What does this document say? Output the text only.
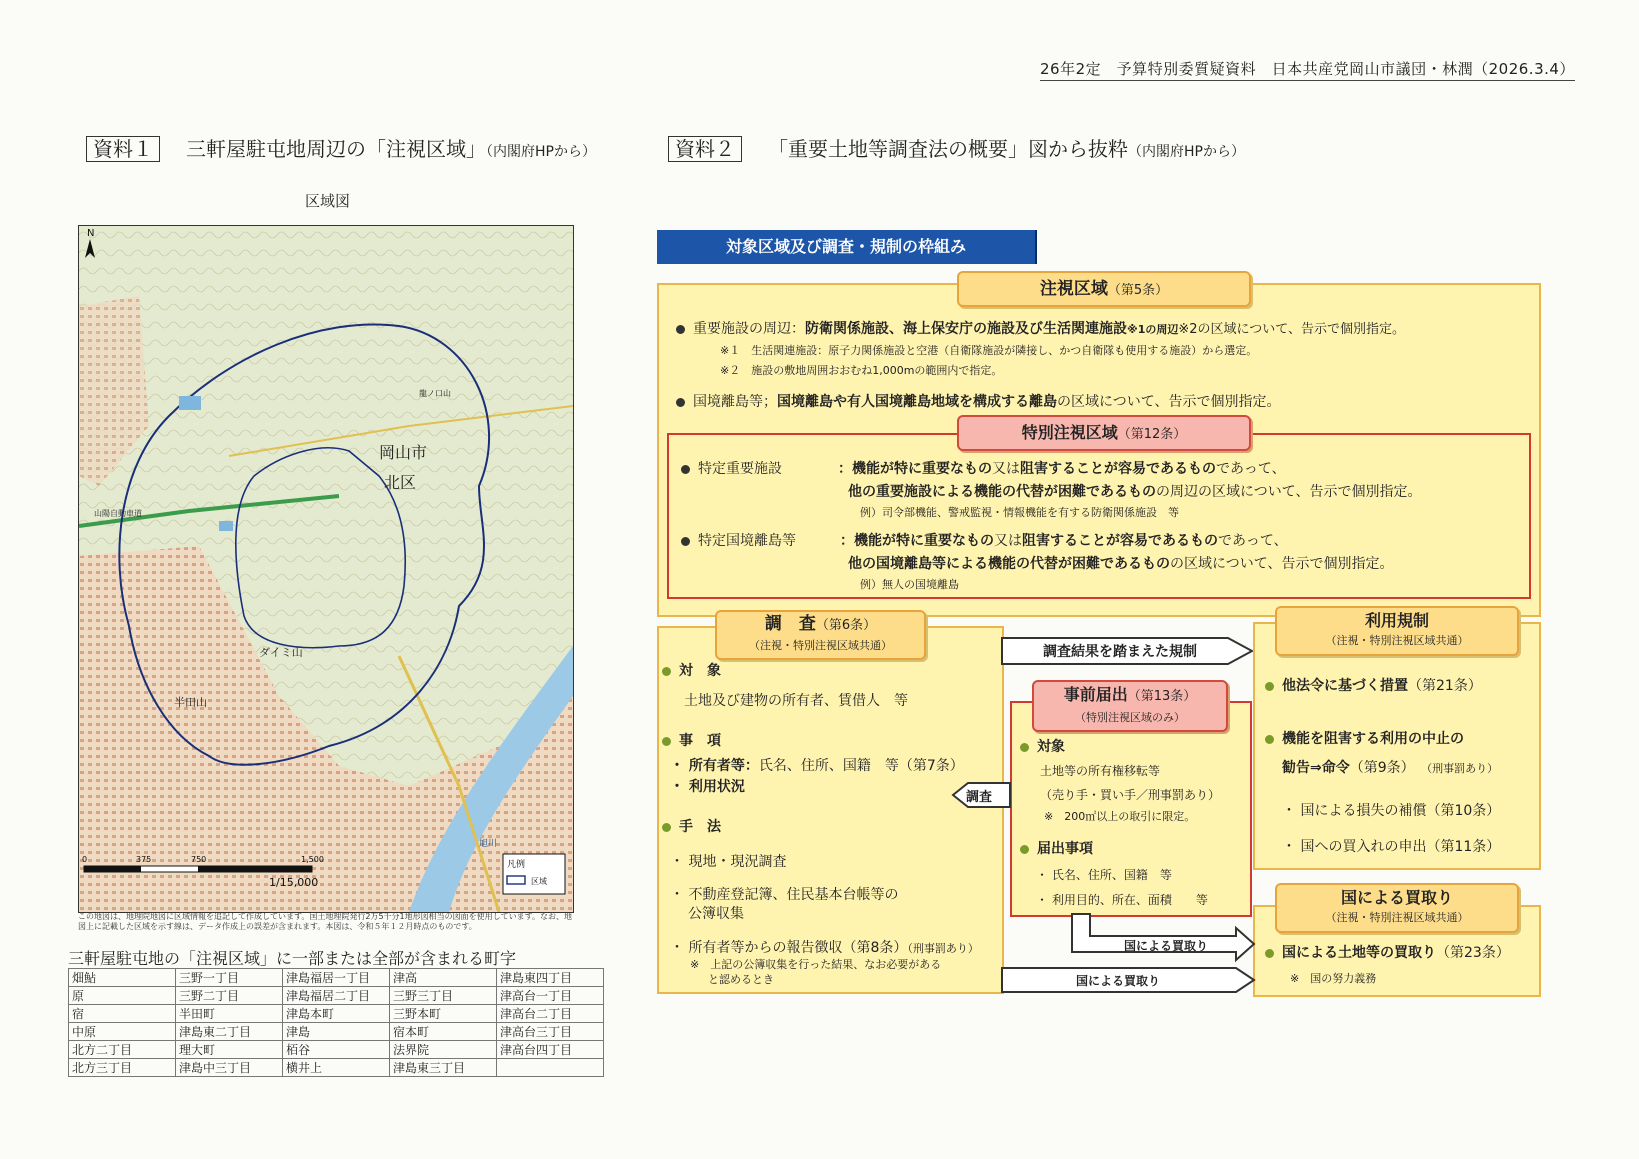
26年2定　予算特別委質疑資料　日本共産党岡山市議団・林潤（2026.3.4）
資料１ 三軒屋駐屯地周辺の「注視区域」（内閣府HPから）
区域図
岡山市
北区
ダイミ山
半田山
山陽自動車道
龍ノ口山
旭川
N
0	375	750	1,500
1/15,000
凡例
区域
この地図は、地理院地図に区域情報を追記して作成しています。国土地理院発行2万5千分1地形図相当の図面を使用しています。なお、地図上に記載した区域を示す線は、データ作成上の誤差が含まれます。本図は、令和５年１２月時点のものです。
三軒屋駐屯地の「注視区域」に一部または全部が含まれる町字
畑鮎	三野一丁目	津島福居一丁目	津高	津島東四丁目
原	三野二丁目	津島福居二丁目	三野三丁目	津高台一丁目
宿	半田町	津島本町	三野本町	津高台二丁目
中原	津島東二丁目	津島	宿本町	津高台三丁目
北方二丁目	理大町	栢谷	法界院	津高台四丁目
北方三丁目	津島中三丁目	横井上	津島東三丁目	
資料２ 「重要土地等調査法の概要」図から抜粋（内閣府HPから）
対象区域及び調査・規制の枠組み
注視区域（第5条）
重要施設の周辺：防衛関係施設、海上保安庁の施設及び生活関連施設※1の周辺※2の区域について、告示で個別指定。
※１　生活関連施設：原子力関係施設と空港（自衛隊施設が隣接し、かつ自衛隊も使用する施設）から選定。
※２　施設の敷地周囲おおむね1,000mの範囲内で指定。
国境離島等；国境離島や有人国境離島地域を構成する離島の区域について、告示で個別指定。
特別注視区域（第12条）
特定重要施設	：機能が特に重要なもの又は阻害することが容易であるものであって、
他の重要施設による機能の代替が困難であるものの周辺の区域について、告示で個別指定。
例）司令部機能、警戒監視・情報機能を有する防衛関係施設　等
特定国境離島等	：機能が特に重要なもの又は阻害することが容易であるものであって、
他の国境離島等による機能の代替が困難であるものの区域について、告示で個別指定。
例）無人の国境離島
調　査（第6条）
（注視・特別注視区域共通）
対　象
土地及び建物の所有者、賃借人　等
事　項
・ 所有者等：氏名、住所、国籍　等（第7条）
・ 利用状況
手　法
・ 現地・現況調査
・ 不動産登記簿、住民基本台帳等の
公簿収集
・ 所有者等からの報告徴収（第8条）（刑事罰あり）
※　上記の公簿収集を行った結果、なお必要がある
と認めるとき
調査結果を踏まえた規制
事前届出（第13条）
（特別注視区域のみ）
対象
土地等の所有権移転等
（売り手・買い手／刑事罰あり）
※　200㎡以上の取引に限定。
届出事項
・ 氏名、住所、国籍　等
・ 利用目的、所在、面積　　等
調査
利用規制
（注視・特別注視区域共通）
他法令に基づく措置（第21条）
機能を阻害する利用の中止の
勧告⇒命令（第9条） （刑事罰あり）
・ 国による損失の補償（第10条）
・ 国への買入れの申出（第11条）
国による買取り
（注視・特別注視区域共通）
国による土地等の買取り（第23条）
※　国の努力義務
国による買取り
国による買取り
